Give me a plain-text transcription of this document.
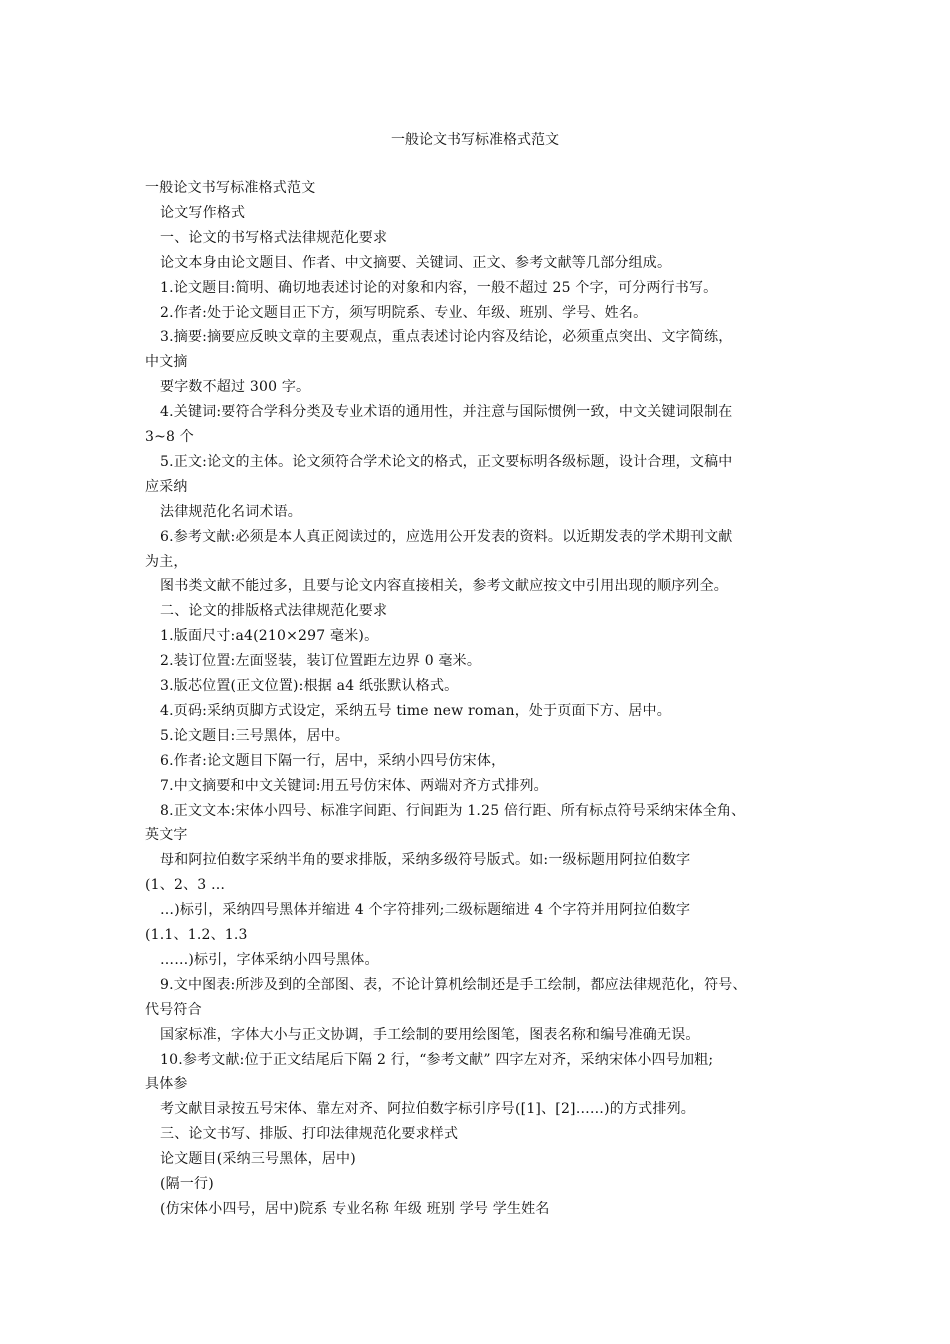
一般论文书写标准格式范文
一般论文书写标准格式范文
论文写作格式
一、论文的书写格式法律规范化要求
论文本身由论文题目、作者、中文摘要、关键词、正文、参考文献等几部分组成。
1.论文题目:简明、确切地表述讨论的对象和内容，一般不超过 25 个字，可分两行书写。
2.作者:处于论文题目正下方，须写明院系、专业、年级、班别、学号、姓名。
3.摘要:摘要应反映文章的主要观点，重点表述讨论内容及结论，必须重点突出、文字简练，
中文摘
要字数不超过 300 字。
4.关键词:要符合学科分类及专业术语的通用性，并注意与国际惯例一致，中文关键词限制在
3~8 个
5.正文:论文的主体。论文须符合学术论文的格式，正文要标明各级标题，设计合理，文稿中
应采纳
法律规范化名词术语。
6.参考文献:必须是本人真正阅读过的，应选用公开发表的资料。以近期发表的学术期刊文献
为主，
图书类文献不能过多，且要与论文内容直接相关，参考文献应按文中引用出现的顺序列全。
二、论文的排版格式法律规范化要求
1.版面尺寸:a4(210×297 毫米)。
2.装订位置:左面竖装，装订位置距左边界 0 毫米。
3.版芯位置(正文位置):根据 a4 纸张默认格式。
4.页码:采纳页脚方式设定，采纳五号 time new roman，处于页面下方、居中。
5.论文题目:三号黑体，居中。
6.作者:论文题目下隔一行，居中，采纳小四号仿宋体，
7.中文摘要和中文关键词:用五号仿宋体、两端对齐方式排列。
8.正文文本:宋体小四号、标准字间距、行间距为 1.25 倍行距、所有标点符号采纳宋体全角、
英文字
母和阿拉伯数字采纳半角的要求排版，采纳多级符号版式。如:一级标题用阿拉伯数字
(1、2、3 …
…)标引，采纳四号黑体并缩进 4 个字符排列;二级标题缩进 4 个字符并用阿拉伯数字
(1.1、1.2、1.3
……)标引，字体采纳小四号黑体。
9.文中图表:所涉及到的全部图、表，不论计算机绘制还是手工绘制，都应法律规范化，符号、
代号符合
国家标准，字体大小与正文协调，手工绘制的要用绘图笔，图表名称和编号准确无误。
10.参考文献:位于正文结尾后下隔 2 行，“参考文献” 四字左对齐，采纳宋体小四号加粗;
具体参
考文献目录按五号宋体、靠左对齐、阿拉伯数字标引序号([1]、[2]……)的方式排列。
三、论文书写、排版、打印法律规范化要求样式
论文题目(采纳三号黑体，居中)
(隔一行)
(仿宋体小四号，居中)院系 专业名称 年级 班别 学号 学生姓名
